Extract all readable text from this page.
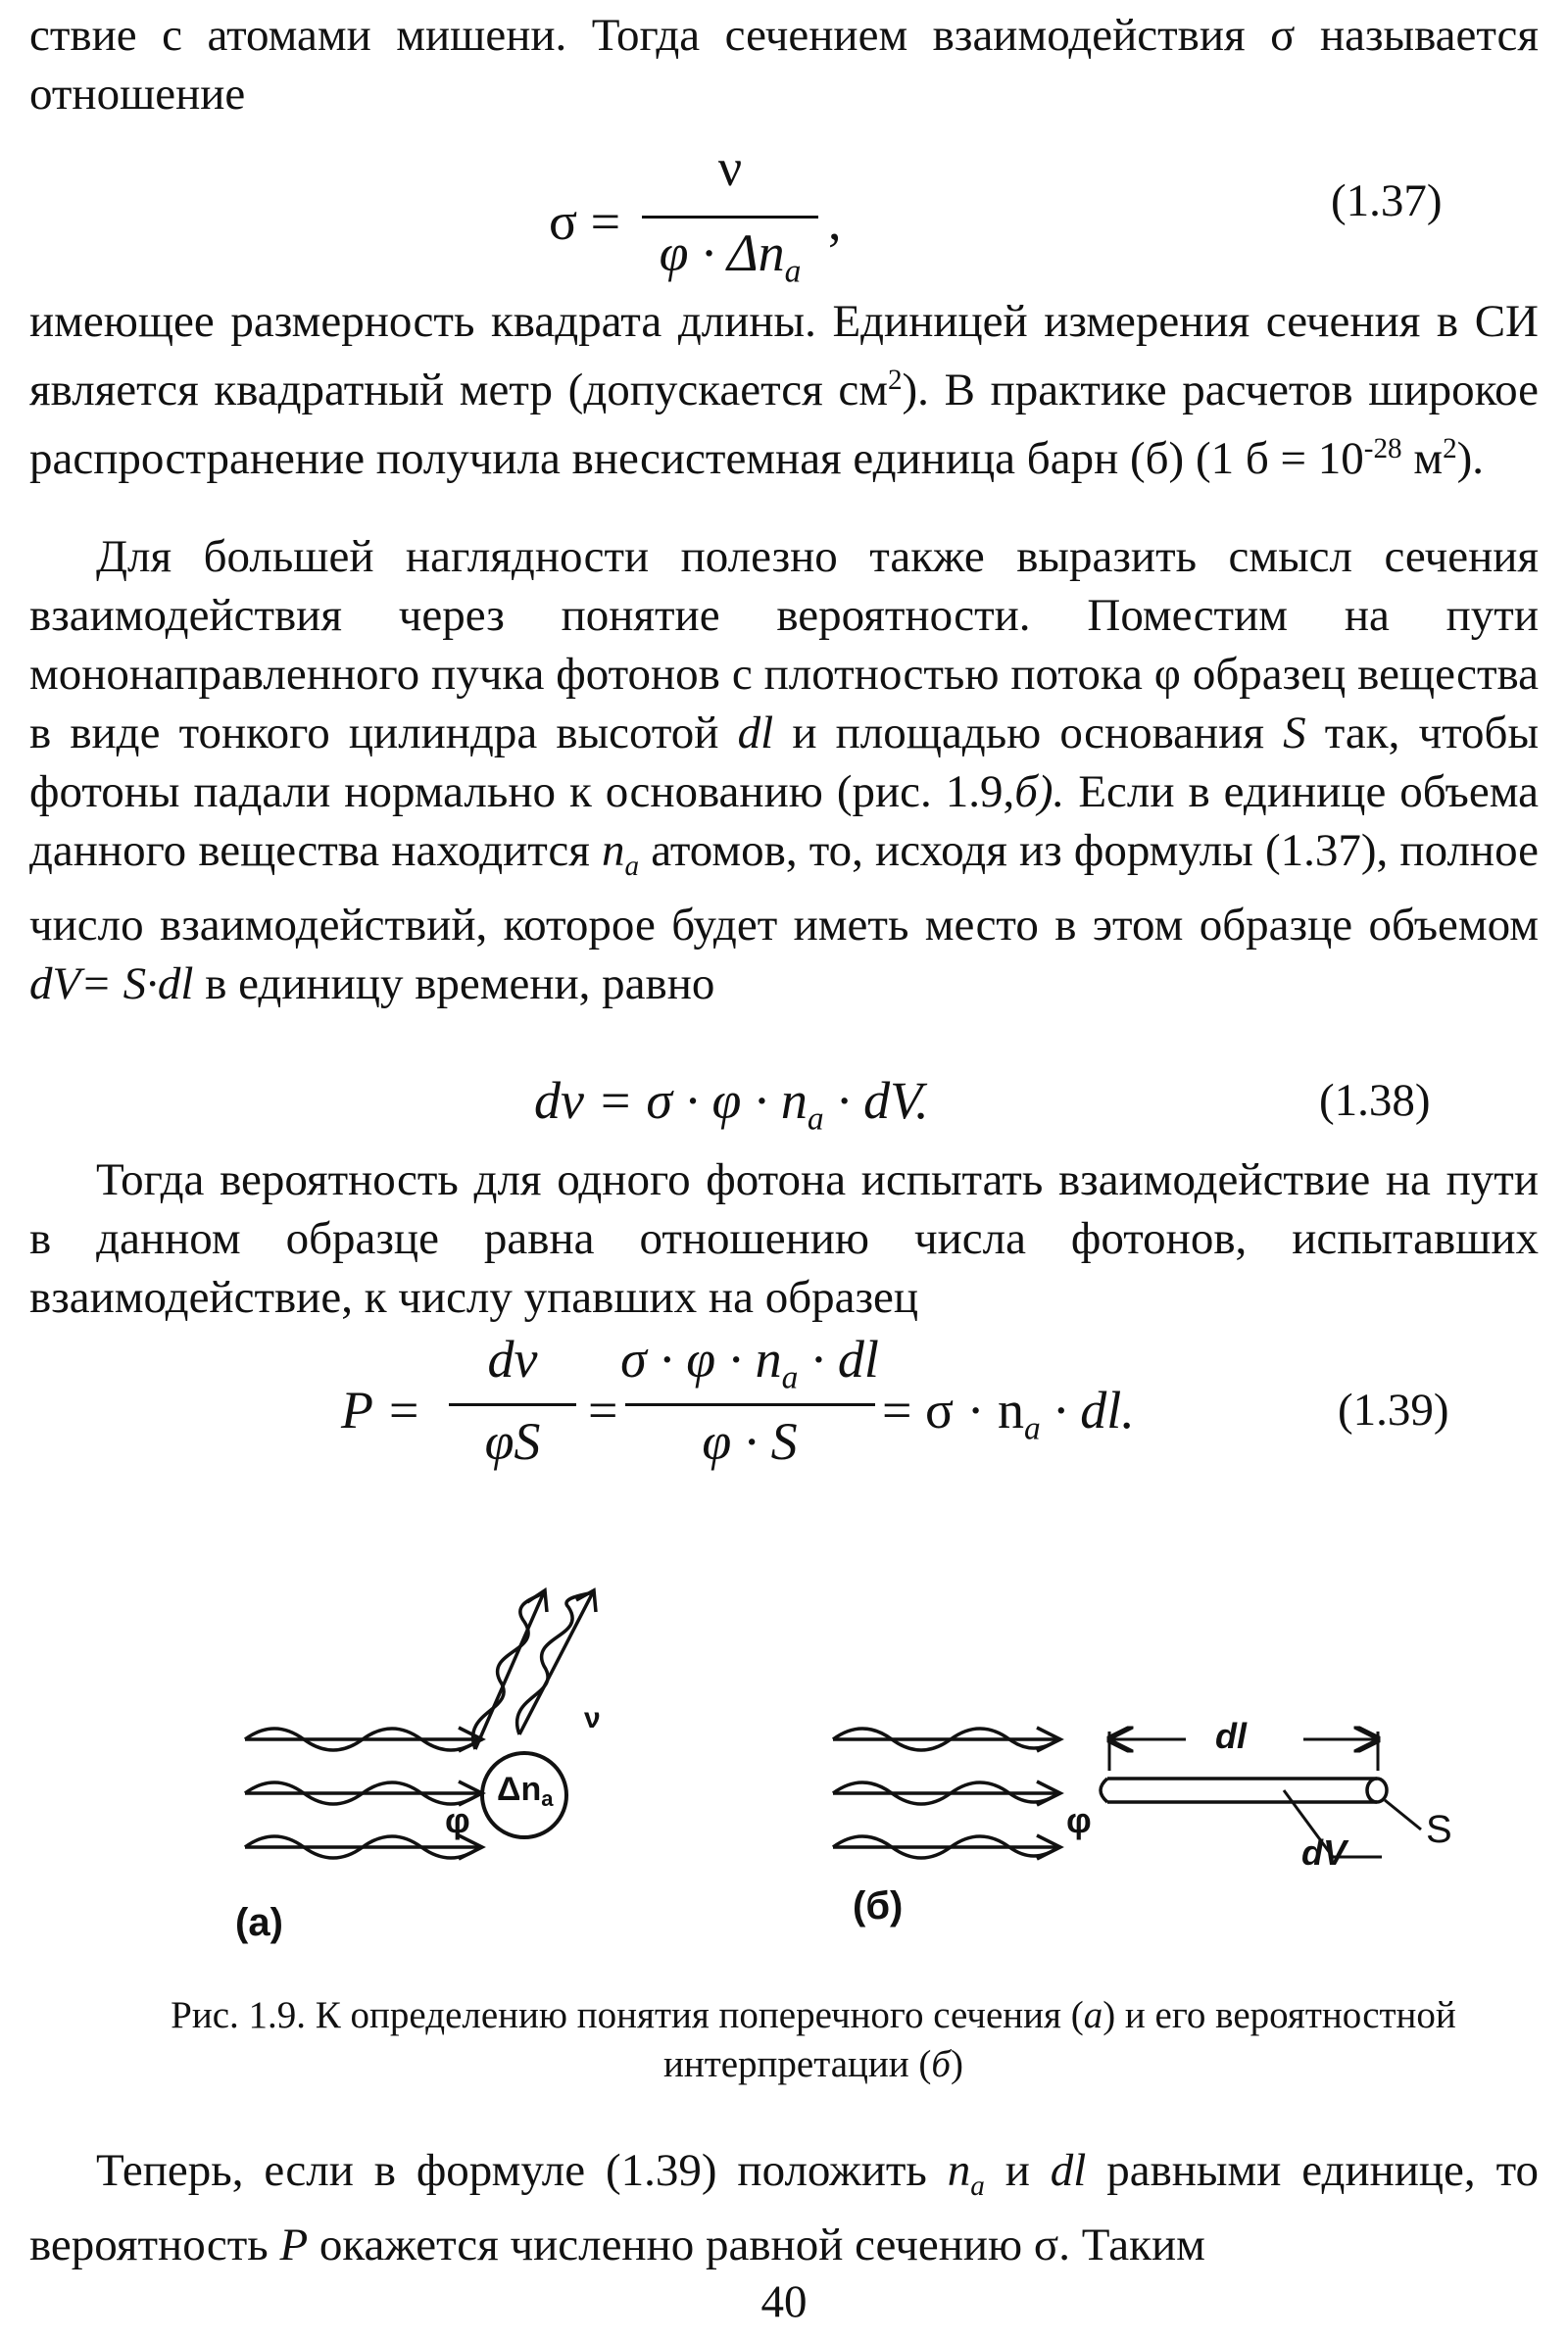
ствие с атомами мишени. Тогда сечением взаимодействия σ называется отношение

σ =
ν
$\varphi \cdot \Delta n_a$
,	(1.37)

имеющее размерность квадрата длины. Единицей измерения сечения в СИ является квадратный метр (допускается $см^2$). В практике расчетов широкое распространение получила внесистемная единица барн (б) (1 $б = 10^{-28}$ $м^2$).

Для большей наглядности полезно также выразить смысл сечения взаимодействия через понятие вероятности. Поместим на пути мононаправленного пучка фотонов с плотностью потока φ образец вещества в виде тонкого цилиндра высотой dl и площадью основания S так, чтобы фотоны падали нормально к основанию (рис. 1.9,б). Если в единице объема данного вещества находится $n_a$ атомов, то, исходя из формулы (1.37), полное число взаимодействий, которое будет иметь место в этом образце объемом dV= S·dl в единицу времени, равно

$d\nu = \sigma \cdot \varphi \cdot n_a$ · dV.	(1.38)

Тогда вероятность для одного фотона испытать взаимодействие на пути в данном образце равна отношению числа фотонов, испытавших взаимодействие, к числу упавших на образец

P =
dν
φS
=
$\sigma \cdot \varphi \cdot n_a$ · dl
φ · S
= $\sigma \cdot n_a$ · dl.	(1.39)
φ
Δna
ν
(а)
φ
dl
S
dV
(б)

Рис. 1.9. К определению понятия поперечного сечения (а) и его вероятностной интерпретации (б)

Теперь, если в формуле (1.39) положить $n_a$ и dl равными единице, то вероятность P окажется численно равной сечению σ. Таким

40
